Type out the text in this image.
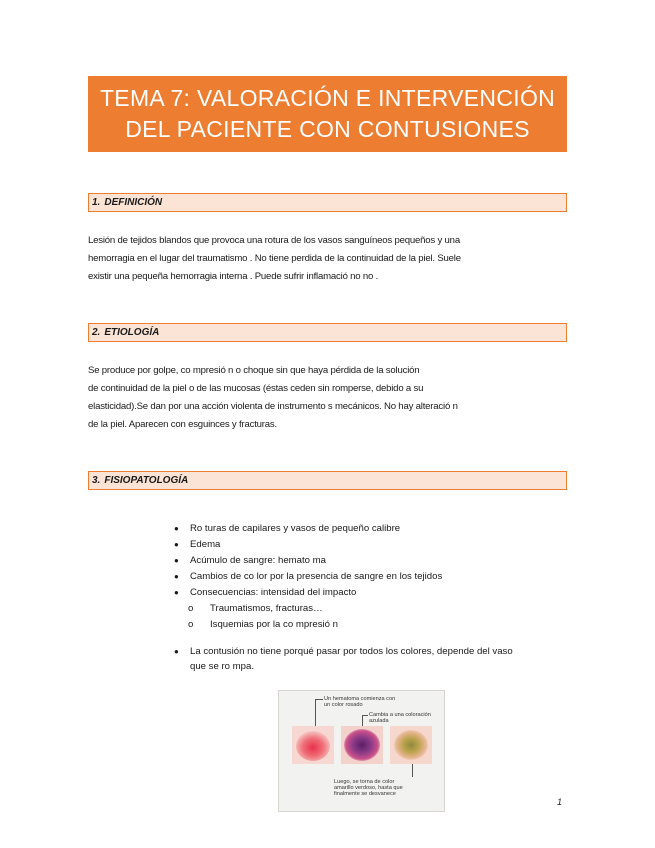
TEMA 7: VALORACIÓN E INTERVENCIÓN
DEL PACIENTE CON CONTUSIONES
1. DEFINICIÓN
Lesión de tejidos blandos que provoca una rotura de los vasos sanguíneos pequeños y una
hemorragia en el lugar del traumatismo . No tiene perdida de la continuidad de la piel. Suele
existir una pequeña hemorragia interna . Puede sufrir inflamació no no .
2. ETIOLOGÍA
Se produce por golpe, co mpresió n o choque sin que haya pérdida de la solución
de continuidad de la piel o de las mucosas (éstas ceden sin romperse, debido a su
elasticidad).Se dan por una acción violenta de instrumento s mecánicos. No hay alteració n
de la piel. Aparecen con esguinces y fracturas.
3. FISIOPATOLOGÍA
● Ro turas de capilares y vasos de pequeño calibre
● Edema
● Acúmulo de sangre: hemato ma
● Cambios de co lor por la presencia de sangre en los tejidos
● Consecuencias: intensidad del impacto
o Traumatismos, fracturas…
o Isquemias por la co mpresió n
●	La contusión no tiene porqué pasar por todos los colores, depende del vaso
que se ro mpa.
Un hematoma comienza con
un color rosado
Cambia a una coloración
azulada
Luego, se torna de color
amarillo verdoso, hasta que
finalmente se desvanece
1
